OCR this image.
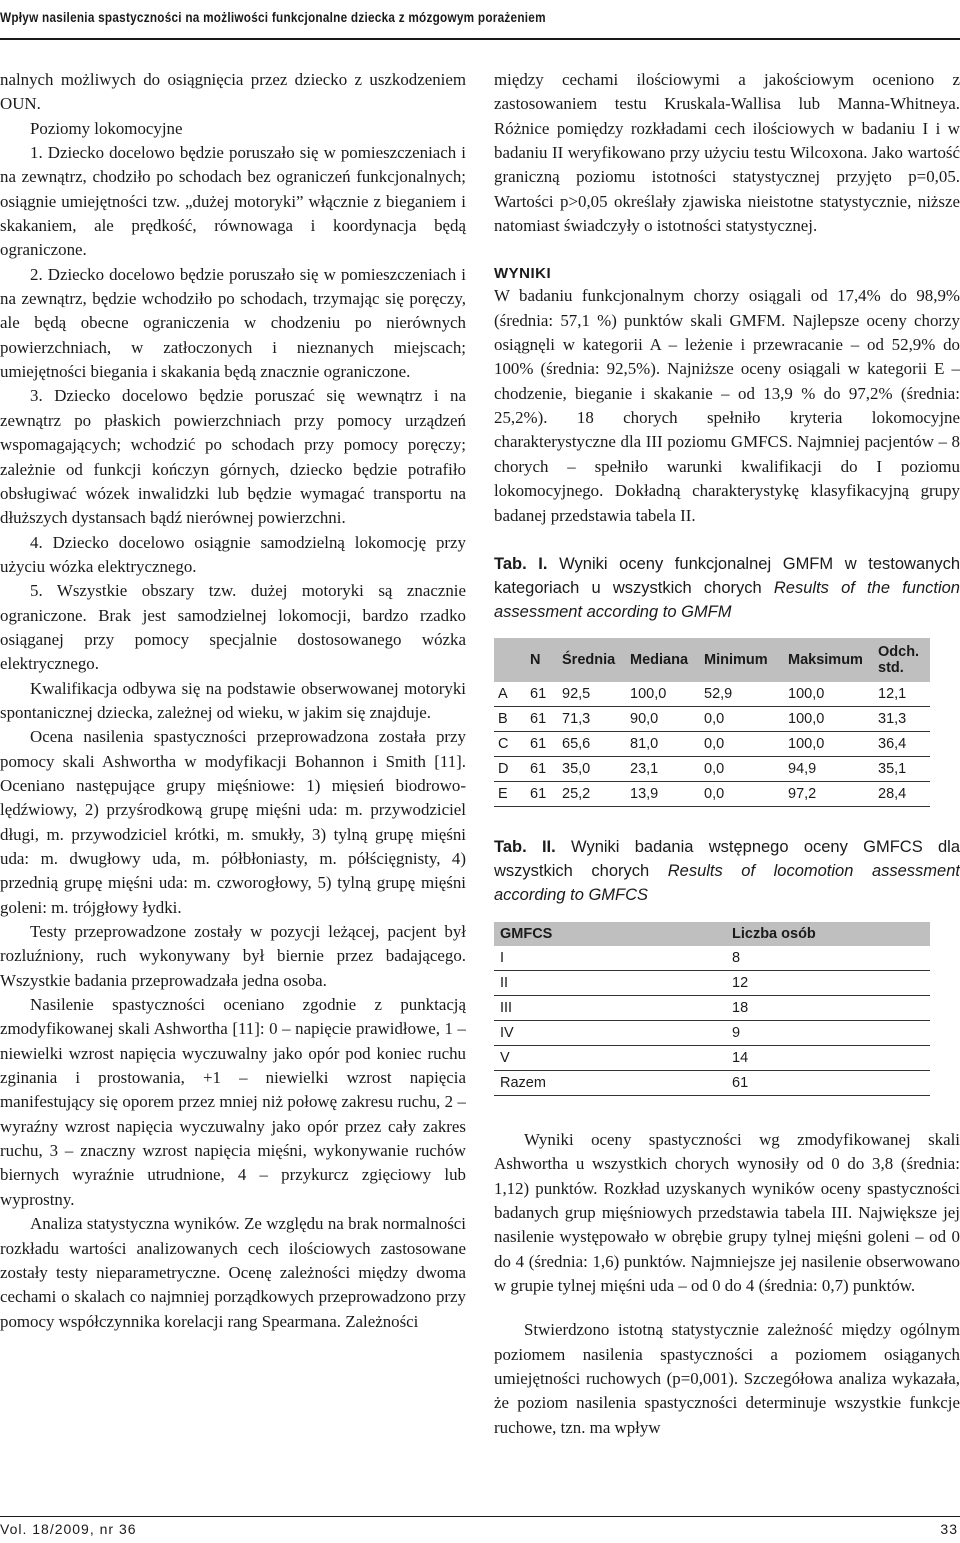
Wpływ nasilenia spastyczności na możliwości funkcjonalne dziecka z mózgowym porażeniem

nalnych możliwych do osiągnięcia przez dziecko z uszkodzeniem OUN.

Poziomy lokomocyjne

1. Dziecko docelowo będzie poruszało się w pomieszczeniach i na zewnątrz, chodziło po schodach bez ograniczeń funkcjonalnych; osiągnie umiejętności tzw. „dużej motoryki” włącznie z bieganiem i skakaniem, ale prędkość, równowaga i koordynacja będą ograniczone.

2. Dziecko docelowo będzie poruszało się w pomieszczeniach i na zewnątrz, będzie wchodziło po schodach, trzymając się poręczy, ale będą obecne ograniczenia w chodzeniu po nierównych powierzchniach, w zatłoczonych i nieznanych miejscach; umiejętności biegania i skakania będą znacznie ograniczone.

3. Dziecko docelowo będzie poruszać się wewnątrz i na zewnątrz po płaskich powierzchniach przy pomocy urządzeń wspomagających; wchodzić po schodach przy pomocy poręczy; zależnie od funkcji kończyn górnych, dziecko będzie potrafiło obsługiwać wózek inwalidzki lub będzie wymagać transportu na dłuższych dystansach bądź nierównej powierzchni.

4. Dziecko docelowo osiągnie samodzielną lokomocję przy użyciu wózka elektrycznego.

5. Wszystkie obszary tzw. dużej motoryki są znacznie ograniczone. Brak jest samodzielnej lokomocji, bardzo rzadko osiąganej przy pomocy specjalnie dostosowanego wózka elektrycznego.

Kwalifikacja odbywa się na podstawie obserwowanej motoryki spontanicznej dziecka, zależnej od wieku, w jakim się znajduje.

Ocena nasilenia spastyczności przeprowadzona została przy pomocy skali Ashwortha w modyfikacji Bohannon i Smith [11]. Oceniano następujące grupy mięśniowe: 1) mięsień biodrowo-lędźwiowy, 2) przyśrodkową grupę mięśni uda: m. przywodziciel długi, m. przywodziciel krótki, m. smukły, 3) tylną grupę mięśni uda: m. dwugłowy uda, m. półbłoniasty, m. półścięgnisty, 4) przednią grupę mięśni uda: m. czworogłowy, 5) tylną grupę mięśni goleni: m. trójgłowy łydki.

Testy przeprowadzone zostały w pozycji leżącej, pacjent był rozluźniony, ruch wykonywany był biernie przez badającego. Wszystkie badania przeprowadzała jedna osoba.

Nasilenie spastyczności oceniano zgodnie z punktacją zmodyfikowanej skali Ashwortha [11]: 0 – napięcie prawidłowe, 1 – niewielki wzrost napięcia wyczuwalny jako opór pod koniec ruchu zginania i prostowania, +1 – niewielki wzrost napięcia manifestujący się oporem przez mniej niż połowę zakresu ruchu, 2 – wyraźny wzrost napięcia wyczuwalny jako opór przez cały zakres ruchu, 3 – znaczny wzrost napięcia mięśni, wykonywanie ruchów biernych wyraźnie utrudnione, 4 – przykurcz zgięciowy lub wyprostny.

Analiza statystyczna wyników. Ze względu na brak normalności rozkładu wartości analizowanych cech ilościowych zastosowane zostały testy nieparametryczne. Ocenę zależności między dwoma cechami o skalach co najmniej porządkowych przeprowadzono przy pomocy współczynnika korelacji rang Spearmana. Zależności

między cechami ilościowymi a jakościowym oceniono z zastosowaniem testu Kruskala-Wallisa lub Manna-Whitneya. Różnice pomiędzy rozkładami cech ilościowych w badaniu I i w badaniu II weryfikowano przy użyciu testu Wilcoxona. Jako wartość graniczną poziomu istotności statystycznej przyjęto p=0,05. Wartości p>0,05 określały zjawiska nieistotne statystycznie, niższe natomiast świadczyły o istotności statystycznej.

WYNIKI

W badaniu funkcjonalnym chorzy osiągali od 17,4% do 98,9% (średnia: 57,1 %) punktów skali GMFM. Najlepsze oceny chorzy osiągnęli w kategorii A – leżenie i przewracanie – od 52,9% do 100% (średnia: 92,5%). Najniższe oceny osiągali w kategorii E – chodzenie, bieganie i skakanie – od 13,9 % do 97,2% (średnia: 25,2%). 18 chorych spełniło kryteria lokomocyjne charakterystyczne dla III poziomu GMFCS. Najmniej pacjentów – 8 chorych – spełniło warunki kwalifikacji do I poziomu lokomocyjnego. Dokładną charakterystykę klasyfikacyjną grupy badanej przedstawia tabela II.

Tab. I. Wyniki oceny funkcjonalnej GMFM w testowanych kategoriach u wszystkich chorych Results of the function assessment according to GMFM

	N	Średnia	Mediana	Minimum	Maksimum	Odch. std.
A	61	92,5	100,0	52,9	100,0	12,1
B	61	71,3	90,0	0,0	100,0	31,3
C	61	65,6	81,0	0,0	100,0	36,4
D	61	35,0	23,1	0,0	94,9	35,1
E	61	25,2	13,9	0,0	97,2	28,4

Tab. II. Wyniki badania wstępnego oceny GMFCS dla wszystkich chorych Results of locomotion assessment according to GMFCS

GMFCS	Liczba osób
I	8
II	12
III	18
IV	9
V	14
Razem	61

Wyniki oceny spastyczności wg zmodyfikowanej skali Ashwortha u wszystkich chorych wynosiły od 0 do 3,8 (średnia: 1,12) punktów. Rozkład uzyskanych wyników oceny spastyczności badanych grup mięśniowych przedstawia tabela III. Największe jej nasilenie występowało w obrębie grupy tylnej mięśni goleni – od 0 do 4 (średnia: 1,6) punktów. Najmniejsze jej nasilenie obserwowano w grupie tylnej mięśni uda – od 0 do 4 (średnia: 0,7) punktów.

Stwierdzono istotną statystycznie zależność między ogólnym poziomem nasilenia spastyczności a poziomem osiąganych umiejętności ruchowych (p=0,001). Szczegółowa analiza wykazała, że poziom nasilenia spastyczności determinuje wszystkie funkcje ruchowe, tzn. ma wpływ

Vol. 18/2009, nr 36	33
